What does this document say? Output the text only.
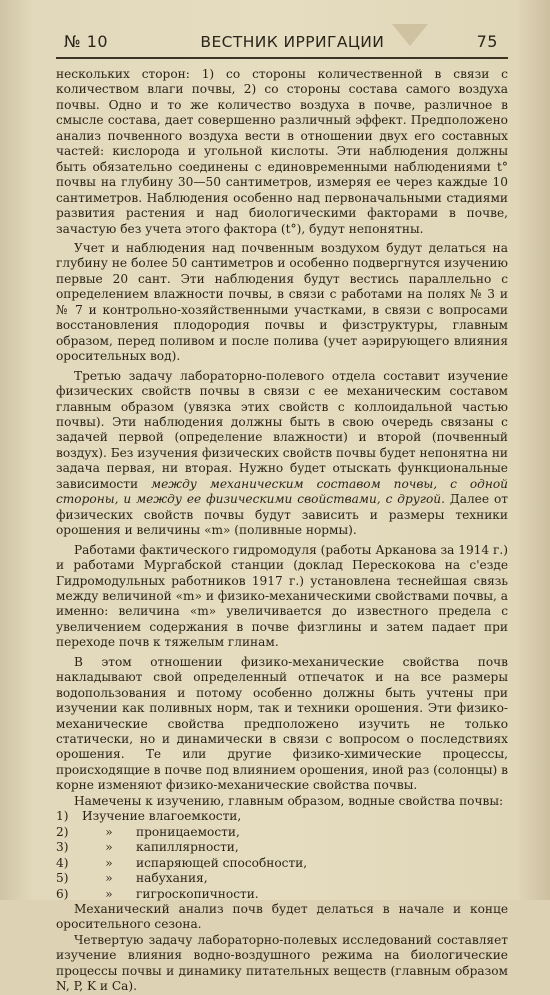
№ 10	ВЕСТНИК ИРРИГАЦИИ	75

нескольких сторон: 1) со стороны количественной в связи с количеством влаги почвы, 2) со стороны состава самого воздуха почвы. Одно и то же количество воздуха в почве, различное в смысле состава, дает совершенно различный эффект. Предположено анализ почвенного воздуха вести в отношении двух его составных частей: кислорода и угольной кислоты. Эти наблюдения должны быть обязательно соединены с единовременными наблюдениями t° почвы на глубину 30—50 сантиметров, измеряя ее через каждые 10 сантиметров. Наблюдения особенно над первоначальными стадиями развития растения и над биологическими факторами в почве, зачастую без учета этого фактора (t°), будут непонятны.

Учет и наблюдения над почвенным воздухом будут делаться на глубину не более 50 сантиметров и особенно подвергнутся изучению первые 20 сант. Эти наблюдения будут вестись параллельно с определением влажности почвы, в связи с работами на полях № 3 и № 7 и контрольно-хозяйственными участками, в связи с вопросами восстановления плодородия почвы и физструктуры, главным образом, перед поливом и после полива (учет аэрирующего влияния оросительных вод).

Третью задачу лабораторно-полевого отдела составит изучение физических свойств почвы в связи с ее механическим составом главным образом (увязка этих свойств с коллоидальной частью почвы). Эти наблюдения должны быть в свою очередь связаны с задачей первой (определение влажности) и второй (почвенный воздух). Без изучения физических свойств почвы будет непонятна ни задача первая, ни вторая. Нужно будет отыскать функциональные зависимости между механическим составом почвы, с одной стороны, и между ее физическими свойствами, с другой. Далее от физических свойств почвы будут зависить и размеры техники орошения и величины «m» (поливные нормы).

Работами фактического гидромодуля (работы Арканова за 1914 г.) и работами Мургабской станции (доклад Перескокова на с'езде Гидромодульных работников 1917 г.) установлена теснейшая связь между величиной «m» и физико-механическими свойствами почвы, а именно: величина «m» увеличивается до известного предела с увеличением содержания в почве физглины и затем падает при переходе почв к тяжелым глинам.

В этом отношении физико-механические свойства почв накладывают свой определенный отпечаток и на все размеры водопользования и потому особенно должны быть учтены при изучении как поливных норм, так и техники орошения. Эти физико-механические свойства предположено изучить не только статически, но и динамически в связи с вопросом о последствиях орошения. Те или другие физико-химические процессы, происходящие в почве под влиянием орошения, иной раз (солонцы) в корне изменяют физико-механические свойства почвы.

Намечены к изучению, главным образом, водные свойства почвы:

1)	Изучение влагоемкости,
2)	»	проницаемости,
3)	»	капиллярности,
4)	»	испаряющей способности,
5)	»	набухания,
6)	»	гигроскопичности.

Механический анализ почв будет делаться в начале и конце оросительного сезона.

Четвертую задачу лабораторно-полевых исследований составляет изучение влияния водно-воздушного режима на биологические процессы почвы и динамику питательных веществ (главным образом N, P, K и Ca).
